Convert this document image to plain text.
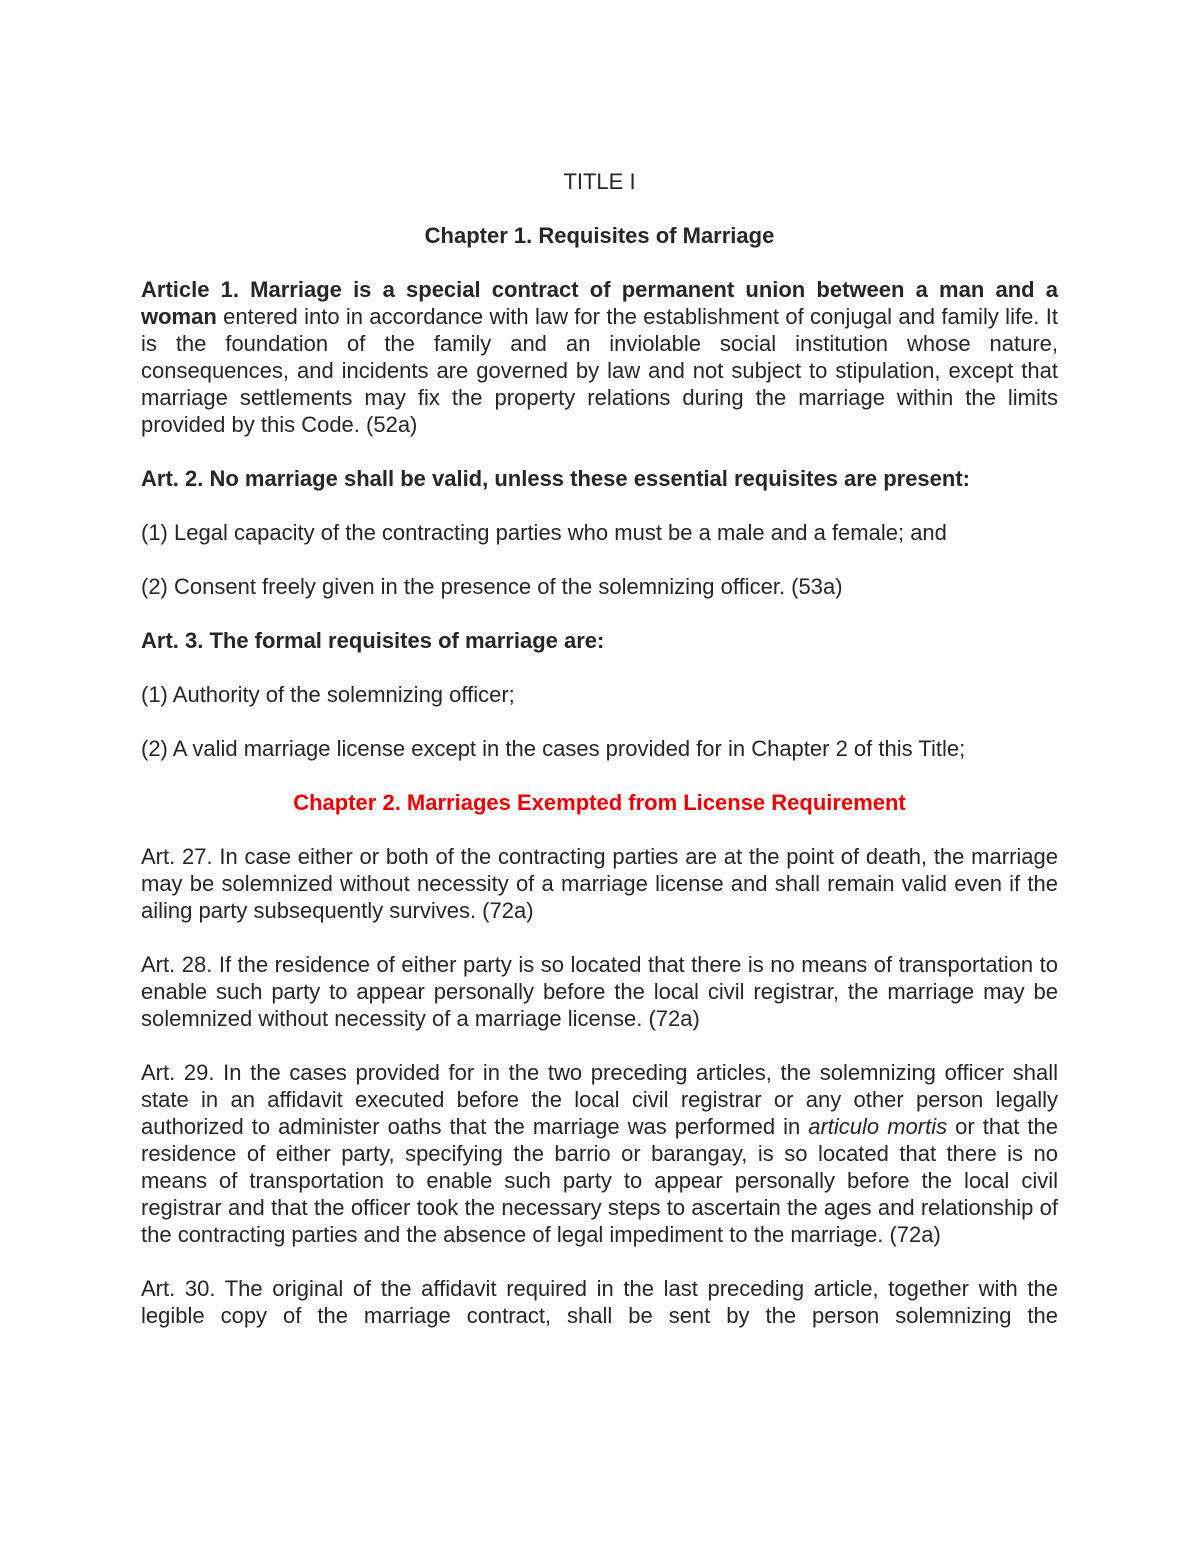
TITLE I
Chapter 1. Requisites of Marriage

Article 1. Marriage is a special contract of permanent union between a man and a woman entered into in accordance with law for the establishment of conjugal and family life. It is the foundation of the family and an inviolable social institution whose nature, consequences, and incidents are governed by law and not subject to stipulation, except that marriage settlements may fix the property relations during the marriage within the limits provided by this Code. (52a)

Art. 2. No marriage shall be valid, unless these essential requisites are present:

(1) Legal capacity of the contracting parties who must be a male and a female; and

(2) Consent freely given in the presence of the solemnizing officer. (53a)

Art. 3. The formal requisites of marriage are:

(1) Authority of the solemnizing officer;

(2) A valid marriage license except in the cases provided for in Chapter 2 of this Title;

Chapter 2. Marriages Exempted from License Requirement

Art. 27. In case either or both of the contracting parties are at the point of death, the marriage may be solemnized without necessity of a marriage license and shall remain valid even if the ailing party subsequently survives. (72a)

Art. 28. If the residence of either party is so located that there is no means of transportation to enable such party to appear personally before the local civil registrar, the marriage may be solemnized without necessity of a marriage license. (72a)

Art. 29. In the cases provided for in the two preceding articles, the solemnizing officer shall state in an affidavit executed before the local civil registrar or any other person legally authorized to administer oaths that the marriage was performed in articulo mortis or that the residence of either party, specifying the barrio or barangay, is so located that there is no means of transportation to enable such party to appear personally before the local civil registrar and that the officer took the necessary steps to ascertain the ages and relationship of the contracting parties and the absence of legal impediment to the marriage. (72a)

Art. 30. The original of the affidavit required in the last preceding article, together with the legible copy of the marriage contract, shall be sent by the person solemnizing the
